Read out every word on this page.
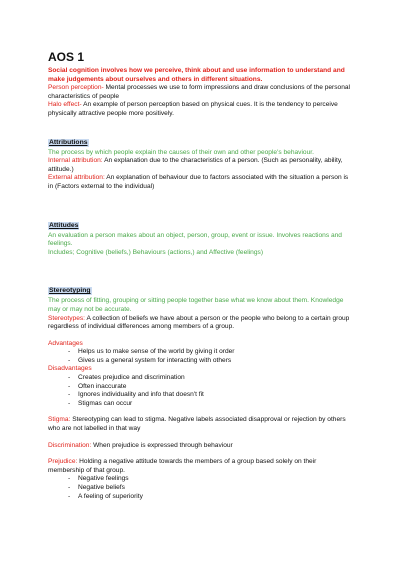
AOS 1

Social cognition involves how we perceive, think about and use information to understand and make judgements about ourselves and others in different situations.

Person perception- Mental processes we use to form impressions and draw conclusions of the personal characteristics of people

Halo effect- An example of person perception based on physical cues. It is the tendency to perceive physically attractive people more positively.

Attributions

The process by which people explain the causes of their own and other people's behaviour.

Internal attribution: An explanation due to the characteristics of a person. (Such as personality, ability, attitude.)

External attribution: An explanation of behaviour due to factors associated with the situation a person is in (Factors external to the individual)

Attitudes

An evaluation a person makes about an object, person, group, event or issue. Involves reactions and feelings.

Includes; Cognitive (beliefs,) Behaviours (actions,) and Affective (feelings)

Stereotyping

The process of fitting, grouping or sitting people together base what we know about them. Knowledge may or may not be accurate.

Stereotypes: A collection of beliefs we have about a person or the people who belong to a certain group regardless of individual differences among members of a group.

Advantages

- Helps us to make sense of the world by giving it order
- Gives us a general system for interacting with others

Disadvantages

- Creates prejudice and discrimination
- Often inaccurate
- Ignores individuality and info that doesn't fit
- Stigmas can occur

Stigma: Stereotyping can lead to stigma. Negative labels associated disapproval or rejection by others who are not labelled in that way

Discrimination: When prejudice is expressed through behaviour

Prejudice: Holding a negative attitude towards the members of a group based solely on their membership of that group.

- Negative feelings
- Negative beliefs
- A feeling of superiority
